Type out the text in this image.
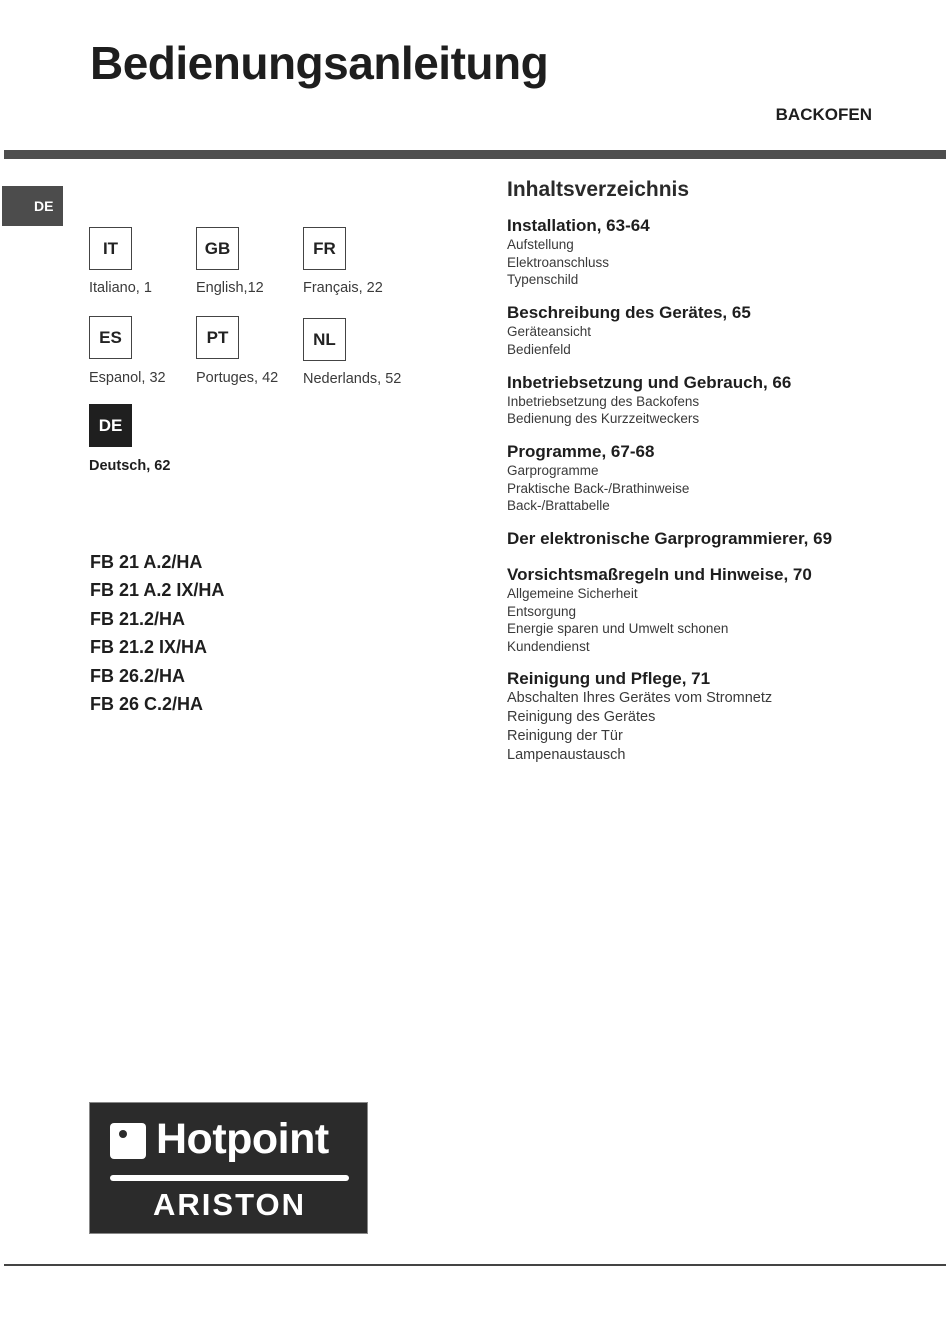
Bedienungsanleitung
BACKOFEN
DE
IT
Italiano, 1
GB
English,12
FR
Français, 22
ES
Espanol, 32
PT
Portuges, 42
NL
Nederlands, 52
DE
Deutsch, 62
FB 21 A.2/HA
FB 21 A.2 IX/HA
FB 21.2/HA
FB 21.2 IX/HA
FB 26.2/HA
FB 26 C.2/HA
Inhaltsverzeichnis
Installation, 63-64
Aufstellung
Elektroanschluss
Typenschild
Beschreibung des Gerätes, 65
Geräteansicht
Bedienfeld
Inbetriebsetzung und Gebrauch, 66
Inbetriebsetzung des Backofens
Bedienung des Kurzzeitweckers
Programme, 67-68
Garprogramme
Praktische Back-/Brathinweise
Back-/Brattabelle
Der elektronische Garprogrammierer, 69
Vorsichtsmaßregeln und Hinweise, 70
Allgemeine Sicherheit
Entsorgung
Energie sparen und Umwelt schonen
Kundendienst
Reinigung und Pflege, 71
Abschalten Ihres Gerätes vom Stromnetz
Reinigung des Gerätes
Reinigung der Tür
Lampenaustausch
Hotpoint
ARISTON
